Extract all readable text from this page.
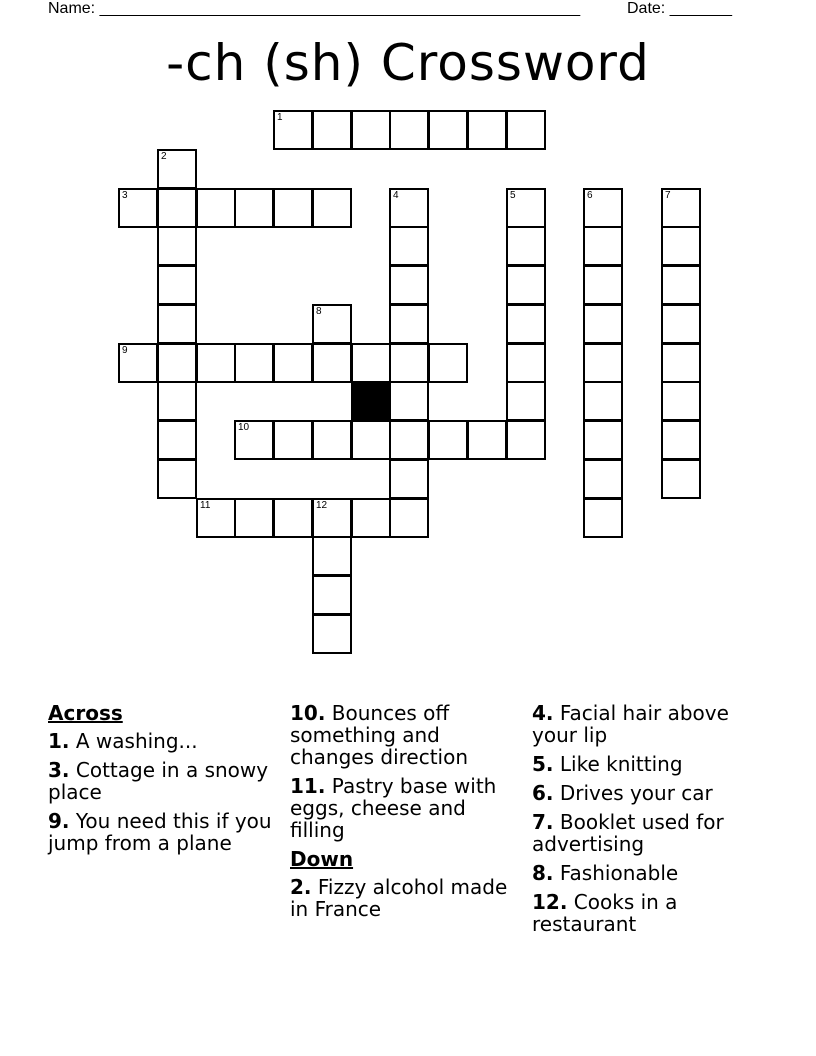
Name: ______________________________________________________	Date: _______
-ch (sh) Crossword
1
3
9
10
11	12
2
4	5	6	7
8
Across
1. A washing...
3. Cottage in a snowy place
9. You need this if you jump from a plane
10. Bounces off something and changes direction
11. Pastry base with eggs, cheese and filling
Down
2. Fizzy alcohol made in France
4. Facial hair above your lip
5. Like knitting
6. Drives your car
7. Booklet used for advertising
8. Fashionable
12. Cooks in a restaurant
